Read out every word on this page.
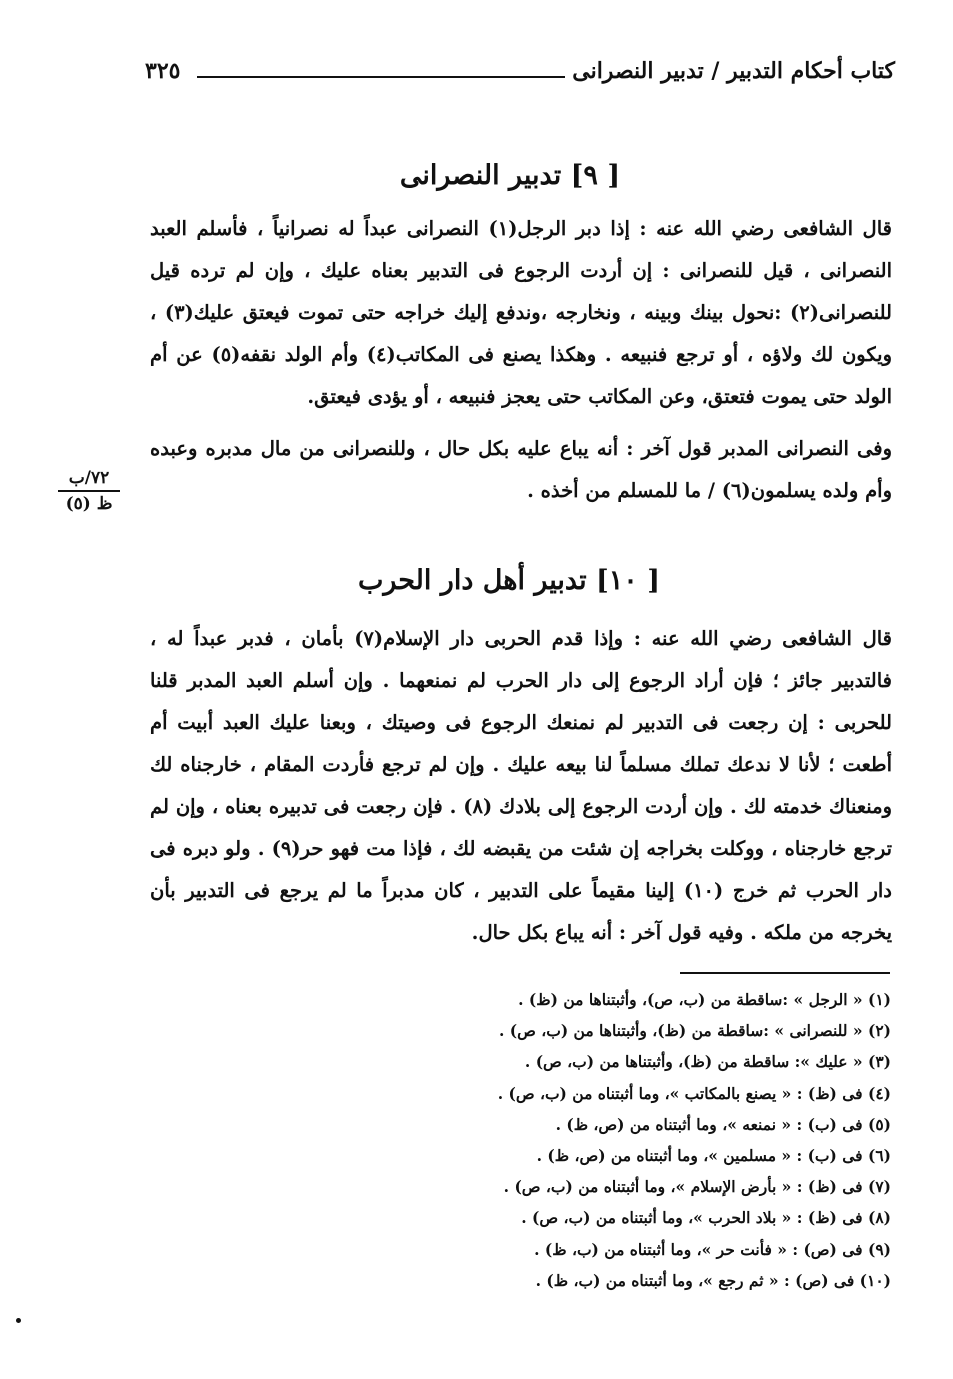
كتاب أحكام التدبير / تدبير النصرانى
٣٢٥
[ ٩] تدبير النصرانى

قال الشافعى رضي الله عنه : إذا دبر الرجل(١) النصرانى عبداً له نصرانياً ، فأسلم العبد النصرانى ، قيل للنصرانى : إن أردت الرجوع فى التدبير بعناه عليك ، وإن لم ترده قيل للنصرانى(٢) :نحول بينك وبينه ، ونخارجه ،وندفع إليك خراجه حتى تموت فيعتق عليك(٣) ، ويكون لك ولاؤه ، أو ترجع فنبيعه . وهكذا يصنع فى المكاتب(٤) وأم الولد نقفه(٥) عن أم الولد حتى يموت فتعتق، وعن المكاتب حتى يعجز فنبيعه ، أو يؤدى فيعتق.

وفى النصرانى المدبر قول آخر : أنه يباع عليه بكل حال ، وللنصرانى من مال مدبره وعبده وأم ولده يسلمون(٦) / ما للمسلم من أخذه .

٧٢/ب
ظ (٥)
[ ١٠] تدبير أهل دار الحرب

قال الشافعى رضي الله عنه : وإذا قدم الحربى دار الإسلام(٧) بأمان ، فدبر عبداً له ، فالتدبير جائز ؛ فإن أراد الرجوع إلى دار الحرب لم نمنعهما . وإن أسلم العبد المدبر قلنا للحربى : إن رجعت فى التدبير لم نمنعك الرجوع فى وصيتك ، وبعنا عليك العبد أبيت أم أطعت ؛ لأنا لا ندعك تملك مسلماً لنا بيعه عليك . وإن لم ترجع فأردت المقام ، خارجناه لك ومنعناك خدمته لك . وإن أردت الرجوع إلى بلادك (٨) . فإن رجعت فى تدبيره بعناه ، وإن لم ترجع خارجناه ، ووكلت بخراجه إن شئت من يقبضه لك ، فإذا مت فهو حر(٩) . ولو دبره فى دار الحرب ثم خرج (١٠) إلينا مقيماً على التدبير ، كان مدبراً ما لم يرجع فى التدبير بأن يخرجه من ملكه . وفيه قول آخر : أنه يباع بكل حال.

(١) « الرجل » :ساقطة من (ب، ص)، وأثبتناها من (ظ) .
(٢) « للنصرانى » :ساقطة من (ظ)، وأثبتناها من (ب، ص) .
(٣) « عليك »: ساقطة من (ظ)، وأثبتناها من (ب، ص) .
(٤) فى (ظ) : « يصنع بالمكاتب »، وما أثبتناه من (ب، ص) .
(٥) فى (ب) : « نمنعه »، وما أثبتناه من (ص، ظ) .
(٦) فى (ب) : « مسلمين »، وما أثبتناه من (ص، ظ) .
(٧) فى (ظ) : « بأرض الإسلام »، وما أثبتناه من (ب، ص) .
(٨) فى (ظ) : « بلاد الحرب »، وما أثبتناه من (ب، ص) .
(٩) فى (ص) : « فأنت حر »، وما أثبتناه من (ب، ظ) .
(١٠) فى (ص) : « ثم رجع »، وما أثبتناه من (ب، ظ) .
